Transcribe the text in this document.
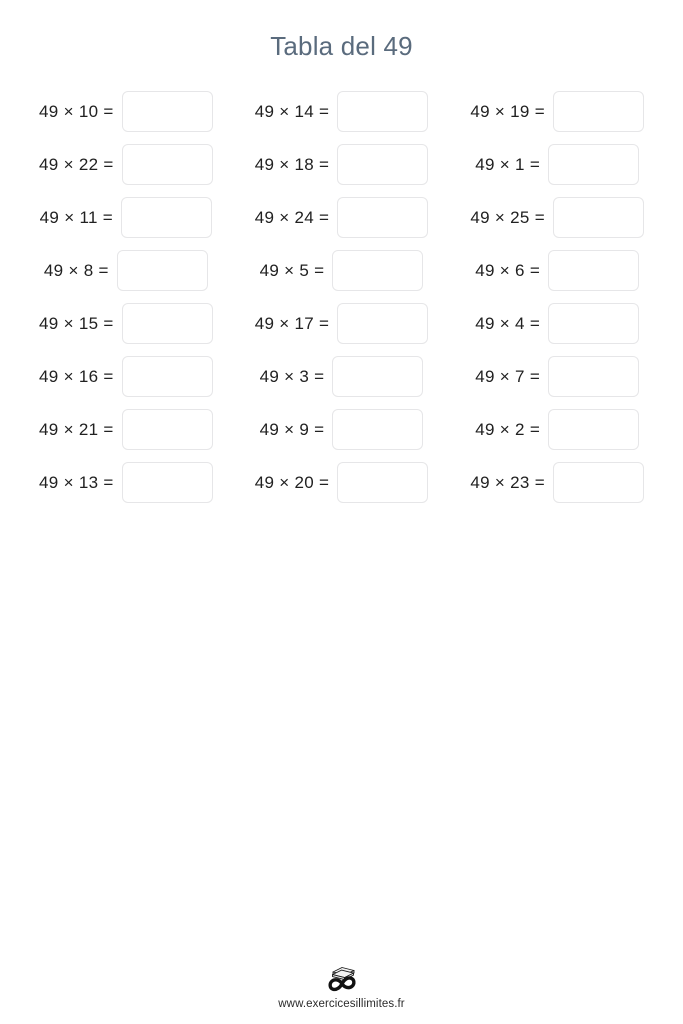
Tabla del 49
49 × 10 =
49 × 22 =
49 × 11 =
49 × 8 =
49 × 15 =
49 × 16 =
49 × 21 =
49 × 13 =
49 × 14 =
49 × 18 =
49 × 24 =
49 × 5 =
49 × 17 =
49 × 3 =
49 × 9 =
49 × 20 =
49 × 19 =
49 × 1 =
49 × 25 =
49 × 6 =
49 × 4 =
49 × 7 =
49 × 2 =
49 × 23 =
www.exercicesillimites.fr
